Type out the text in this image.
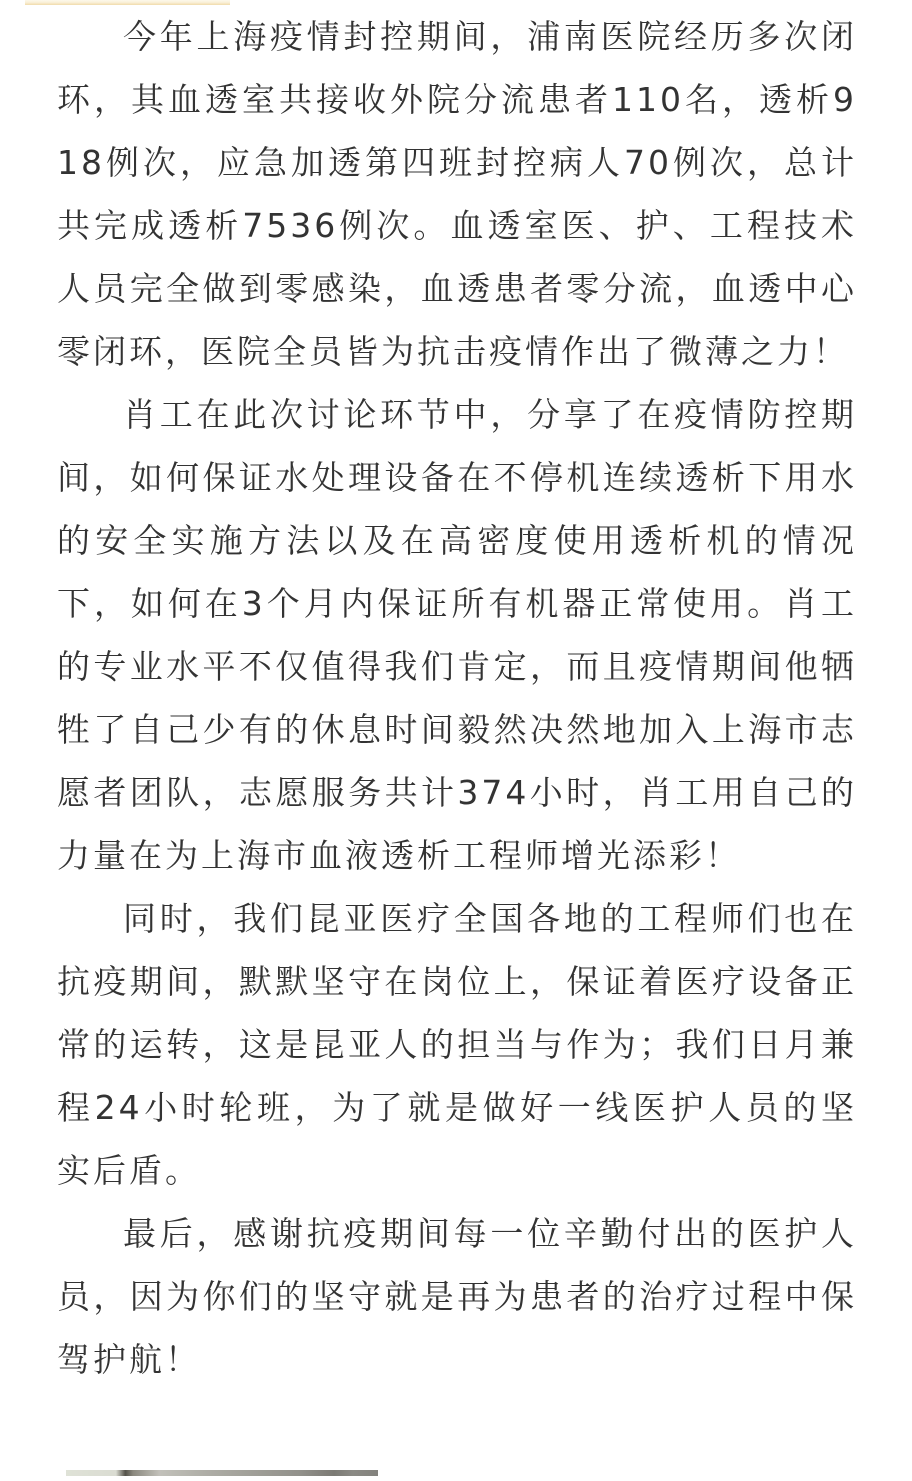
今年上海疫情封控期间，浦南医院经历多次闭环，其血透室共接收外院分流患者110名，透析918例次，应急加透第四班封控病人70例次，总计共完成透析7536例次。血透室医、护、工程技术人员完全做到零感染，血透患者零分流，血透中心零闭环，医院全员皆为抗击疫情作出了微薄之力！

肖工在此次讨论环节中，分享了在疫情防控期间，如何保证水处理设备在不停机连续透析下用水的安全实施方法以及在高密度使用透析机的情况下，如何在3个月内保证所有机器正常使用。肖工的专业水平不仅值得我们肯定，而且疫情期间他牺牲了自己少有的休息时间毅然决然地加入上海市志愿者团队，志愿服务共计374小时，肖工用自己的力量在为上海市血液透析工程师增光添彩！

同时，我们昆亚医疗全国各地的工程师们也在抗疫期间，默默坚守在岗位上，保证着医疗设备正常的运转，这是昆亚人的担当与作为；我们日月兼程24小时轮班，为了就是做好一线医护人员的坚实后盾。

最后，感谢抗疫期间每一位辛勤付出的医护人员，因为你们的坚守就是再为患者的治疗过程中保驾护航！
